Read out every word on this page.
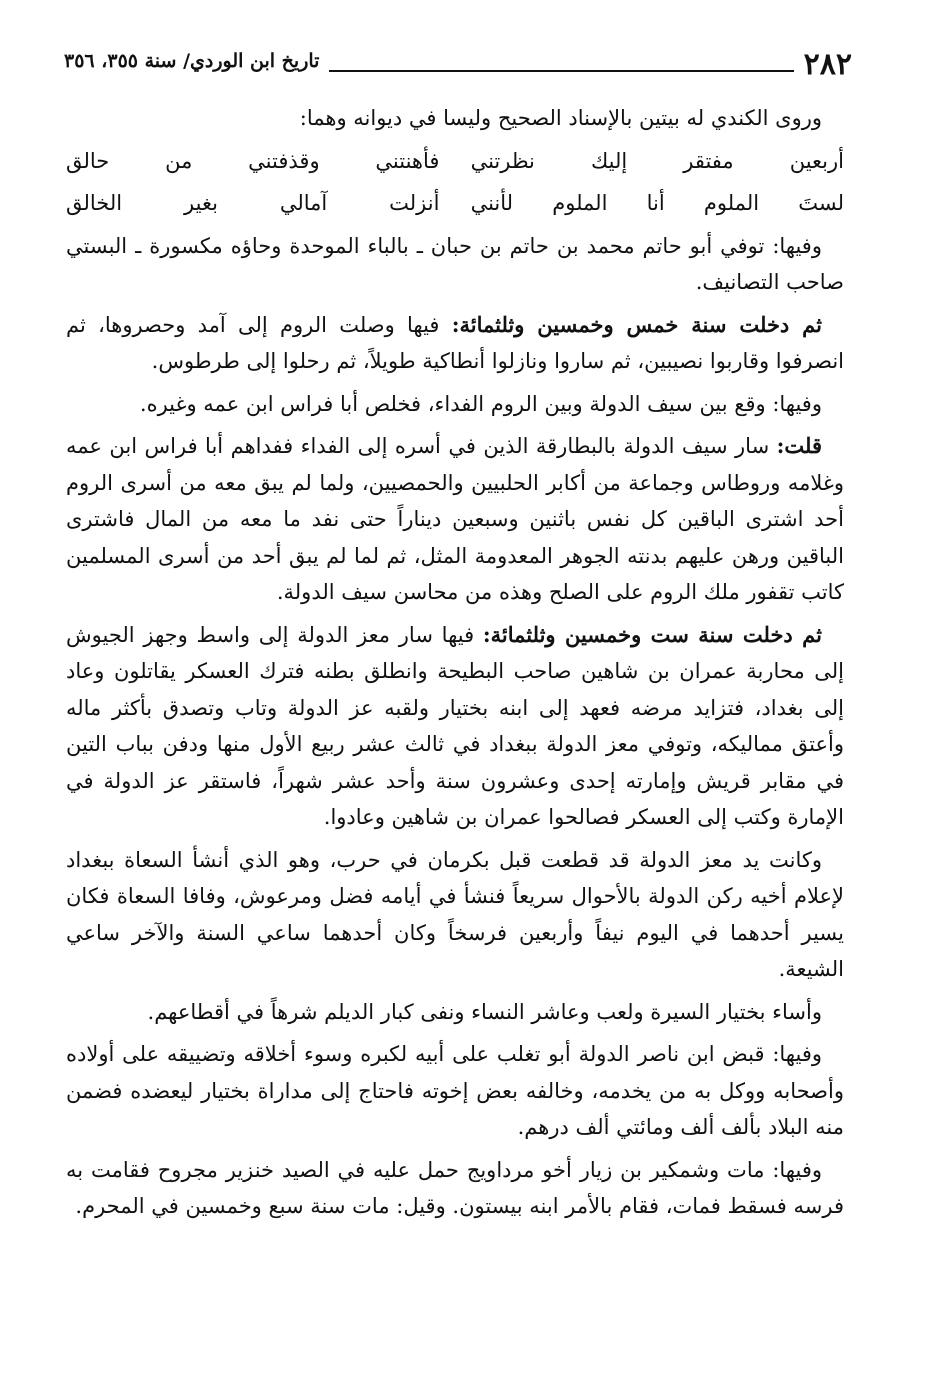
٢٨٢
تاريخ ابن الوردي/ سنة ٣٥٥، ٣٥٦

وروى الكندي له بيتين بالإسناد الصحيح وليسا في ديوانه وهما:

أربعين مفتقر إليك نظرتني
فأهنتني وقذفتني من حالق
لستَ الملوم أنا الملوم لأنني
أنزلت آمالي بغير الخالق

وفيها: توفي أبو حاتم محمد بن حاتم بن حبان ـ بالباء الموحدة وحاؤه مكسورة ـ البستي صاحب التصانيف.

ثم دخلت سنة خمس وخمسين وثلثمائة: فيها وصلت الروم إلى آمد وحصروها، ثم انصرفوا وقاربوا نصيبين، ثم ساروا ونازلوا أنطاكية طويلاً، ثم رحلوا إلى طرطوس.

وفيها: وقع بين سيف الدولة وبين الروم الفداء، فخلص أبا فراس ابن عمه وغيره.

قلت: سار سيف الدولة بالبطارقة الذين في أسره إلى الفداء ففداهم أبا فراس ابن عمه وغلامه وروطاس وجماعة من أكابر الحلبيين والحمصيين، ولما لم يبق معه من أسرى الروم أحد اشترى الباقين كل نفس باثنين وسبعين ديناراً حتى نفد ما معه من المال فاشترى الباقين ورهن عليهم بدنته الجوهر المعدومة المثل، ثم لما لم يبق أحد من أسرى المسلمين كاتب تقفور ملك الروم على الصلح وهذه من محاسن سيف الدولة.

ثم دخلت سنة ست وخمسين وثلثمائة: فيها سار معز الدولة إلى واسط وجهز الجيوش إلى محاربة عمران بن شاهين صاحب البطيحة وانطلق بطنه فترك العسكر يقاتلون وعاد إلى بغداد، فتزايد مرضه فعهد إلى ابنه بختيار ولقبه عز الدولة وتاب وتصدق بأكثر ماله وأعتق مماليكه، وتوفي معز الدولة ببغداد في ثالث عشر ربيع الأول منها ودفن بباب التين في مقابر قريش وإمارته إحدى وعشرون سنة وأحد عشر شهراً، فاستقر عز الدولة في الإمارة وكتب إلى العسكر فصالحوا عمران بن شاهين وعادوا.

وكانت يد معز الدولة قد قطعت قبل بكرمان في حرب، وهو الذي أنشأ السعاة ببغداد لإعلام أخيه ركن الدولة بالأحوال سريعاً فنشأ في أيامه فضل ومرعوش، وفافا السعاة فكان يسير أحدهما في اليوم نيفاً وأربعين فرسخاً وكان أحدهما ساعي السنة والآخر ساعي الشيعة.

وأساء بختيار السيرة ولعب وعاشر النساء ونفى كبار الديلم شرهاً في أقطاعهم.

وفيها: قبض ابن ناصر الدولة أبو تغلب على أبيه لكبره وسوء أخلاقه وتضييقه على أولاده وأصحابه ووكل به من يخدمه، وخالفه بعض إخوته فاحتاج إلى مداراة بختيار ليعضده فضمن منه البلاد بألف ألف ومائتي ألف درهم.

وفيها: مات وشمكير بن زيار أخو مرداويج حمل عليه في الصيد خنزير مجروح فقامت به فرسه فسقط فمات، فقام بالأمر ابنه بيستون. وقيل: مات سنة سبع وخمسين في المحرم.
